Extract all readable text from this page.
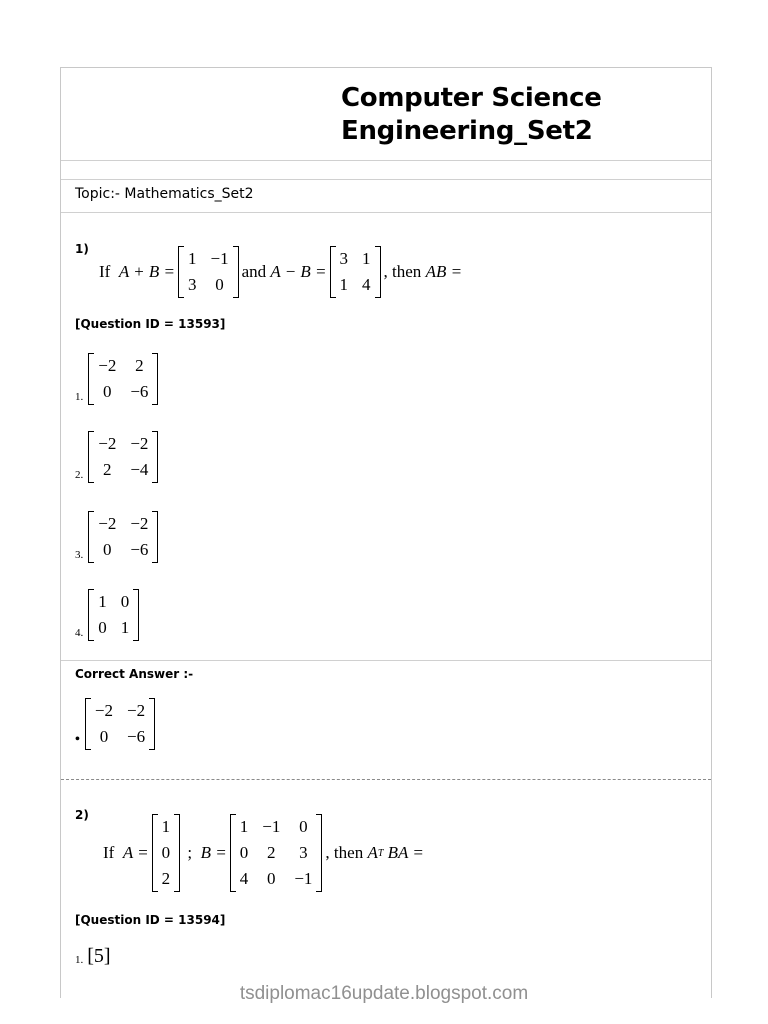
Computer Science
Engineering_Set2
Topic:- Mathematics_Set2
1)
If
A + B =
1 −1
3 0
and
A − B =
3 1
1 4
, then
AB =
[Question ID = 13593]
1.
−2 2
0 −6
2.
−2 −2
2 −4
3.
−2 −2
0 −6
4.
1 0
0 1
Correct Answer :-
•
−2 −2
0 −6
2)
If
A =
1
0
2

;
B =
1 −1 0
0 2 3
4 0 −1
, then
A T
BA =
[Question ID = 13594]
1. [5]
tsdiplomac16update.blogspot.com
